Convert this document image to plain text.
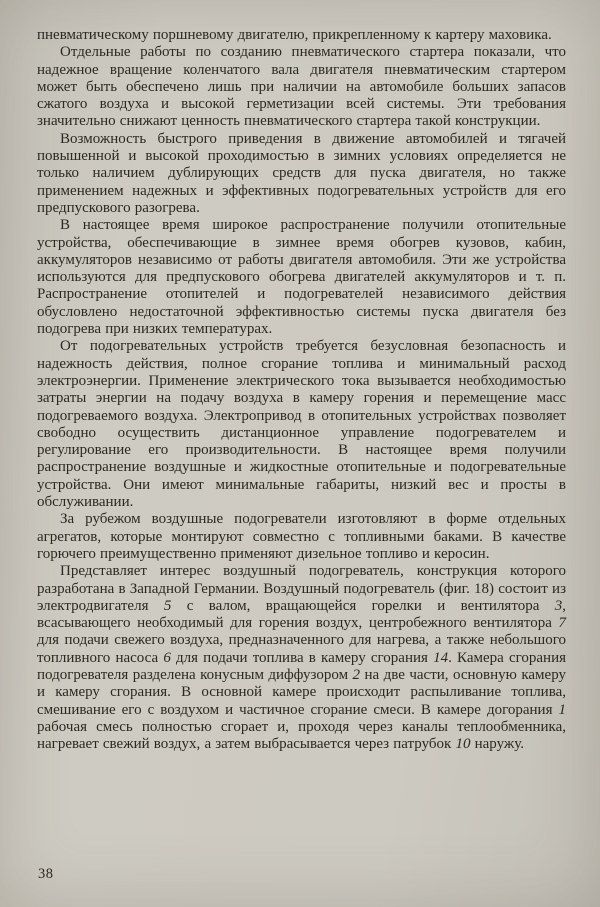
пневматическому поршневому двигателю, прикрепленному к картеру маховика.

Отдельные работы по созданию пневматического стартера показали, что надежное вращение коленчатого вала двигателя пневматическим стартером может быть обеспечено лишь при наличии на автомобиле больших запасов сжатого воздуха и высокой герметизации всей системы. Эти требования значительно снижают ценность пневматического стартера такой конструкции.

Возможность быстрого приведения в движение автомобилей и тягачей повышенной и высокой проходимостью в зимних условиях определяется не только наличием дублирующих средств для пуска двигателя, но также применением надежных и эффективных подогревательных устройств для его предпускового разогрева.

В настоящее время широкое распространение получили отопительные устройства, обеспечивающие в зимнее время обогрев кузовов, кабин, аккумуляторов независимо от работы двигателя автомобиля. Эти же устройства используются для предпускового обогрева двигателей аккумуляторов и т. п. Распространение отопителей и подогревателей независимого действия обусловлено недостаточной эффективностью системы пуска двигателя без подогрева при низких температурах.

От подогревательных устройств требуется безусловная безопасность и надежность действия, полное сгорание топлива и минимальный расход электроэнергии. Применение электрического тока вызывается необходимостью затраты энергии на подачу воздуха в камеру горения и перемещение масс подогреваемого воздуха. Электропривод в отопительных устройствах позволяет свободно осуществить дистанционное управление подогревателем и регулирование его производительности. В настоящее время получили распространение воздушные и жидкостные отопительные и подогревательные устройства. Они имеют минимальные габариты, низкий вес и просты в обслуживании.

За рубежом воздушные подогреватели изготовляют в форме отдельных агрегатов, которые монтируют совместно с топливными баками. В качестве горючего преимущественно применяют дизельное топливо и керосин.

Представляет интерес воздушный подогреватель, конструкция которого разработана в Западной Германии. Воздушный подогреватель (фиг. 18) состоит из электродвигателя 5 с валом, вращающейся горелки и вентилятора 3, всасывающего необходимый для горения воздух, центробежного вентилятора 7 для подачи свежего воздуха, предназначенного для нагрева, а также небольшого топливного насоса 6 для подачи топлива в камеру сгорания 14. Камера сгорания подогревателя разделена конусным диффузором 2 на две части, основную камеру и камеру сгорания. В основной камере происходит распыливание топлива, смешивание его с воздухом и частичное сгорание смеси. В камере догорания 1 рабочая смесь полностью сгорает и, проходя через каналы теплообменника, нагревает свежий воздух, а затем выбрасывается через патрубок 10 наружу.

38
